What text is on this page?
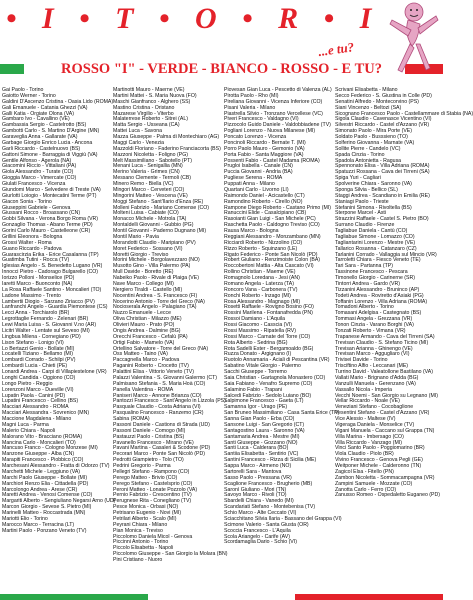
• I • T • O • R • I
...e tu?
ROSSO "I" - VERDE - BIANCO - ROSSO - E TU?
Gai Paolo - Torino
Gaiotto Werner - Torino
Galdini D'Ascenzo Cristina - Oasia Lido (ROMA)
Gali Emanuele - Catania Ghezzi (VA)
Galli Katia - Orgiate Olona (VA)
Gambaro Ivo - Cavallino (VE)
Gambassia Sergio - Castelrotto (BS)
Gambotti Carlo - S. Martino D'Argine (MN)
Garaveglia Anna - Gallarate (VA)
Garbage Giorgio Enrico Lucia - Ancona
Garli Riccardo - Castelnuovo (BS)
Gattoni Simone - Barraggia di Viggiù (VA)
Gentile Alfonso - Agerola (NA)
Giacomini Riccio - Vittaliani (PA)
Giola Alessandro - Turate (CO)
Gioggia Marco - Vimercate (CO)
Giulati Francesco - Vicenza
Giundomi Marco - Selvedere di Treste (VA)
Giurlotti Loiogio - Montecatini Terme (PT)
Giacon Sonia - Torino
Giuseppini Gabriele - Genova
Giussani Rocco - Broassano (CN)
Gobbi Silvana - Verona Borgo Roma (VR)
Gonzaglio Thomas - Abano Terme (PD)
Gorini Carlo Mauro - Castelleone (CR)
Grillini Eleonora - Bologna
Grossi Walter - Roma
Guano Riccardo - Padova
Guarascirzia Erika - Erice Casalanna (TP)
Guatimba Tutini - Rocca (TV)
Iglesias Angelo - S. Benedetto Lugano (VR)
Innocci Pietro - Cadorago Bulgarello (CO)
Iorizzo Polloni - Monselice (PD)
Iaretti Marco - Buonconto (NA)
La Rosa Raffaele Santino - Moncalieri (TO)
Ladone Massimo - Trento
Lambertii Diogio - Sarzano Ziriacco (PV)
Lanfranchi Angelo - Guardia Piemontese (CS)
Lecci Anna - Torchiarolo (BR)
Legrottaglie Fernando - Zelenari (BR)
Lewi Maria Luisa - S. Giovanni V.no (AR)
Licitri Walter - Lentate sul Seveso (MI)
Lingbua Milena - Cornegiano (PD)
Lison Stefano - Lonigo (VI)
Lo Bertazzi Genio - Bollate (MI)
Locatelli Tiziano - Bellamo (MI)
Lombardi Corrado - Schilpi (PV)
Lombardi Lucia - Chieti (PE)
Lonardi Andrea - Carpi di Villapiestelone (VR)
Longhi Candida - Oggiono (CO)
Longo Pietro - Reggio
Lorenzoni Marco - Dueville (VI)
Lupatin Paola - Canini (PD)
Lupatini Francesco - Cellino (BS)
Macciari Alessandro - ROMA
Macciari Alessandra - Sovrenico (MN)
Maccione Magdalena - Milano
Magni Luca - Parma
Malerio Chiara - Napoli
Malorano Vito - Bracciano (ROMA)
Mancina Carlo - Moncalieri (TO)
Mancuso Franco - Cologno Monzese (MI)
Manzone Giuseppe - Alba (CN)
Marapiti Francesco - Piobbico (CO)
Marchesani Alessandro - Fratta di Odorzo (TV)
Marchetti Michele - Leggiuno (VA)
Marchi Paolo Giuseppe - Bollate (MI)
Marchiori Renzo Elia - Cittadella (PD)
Marcolongo Andrea - Arese (CR)
Maretti Andrea - Venosi Comense (CO)
Margariti Alberto - Sengiuliano Negarsi Arno (UD)
Marcon Giorgio - Sevese S. Pietro (MI)
Marinelli Matteo - Roccastrada (MN)
Mariotti Elio - Torino
Marocco Marco - Terracina (LT)
Martini Paolo - Ponzano Veneto (TV)
Martinotti Mauro - Maerne (VE)
Martini Mattei - S. Maria Nuova (FO)
Maschi Gianfranco - Alghero (SS)
Mastino Cristina - Oristano
Mazarese Virgilio - Viterbo
Malaterrese Roberto - Sitrei (AL)
Matta Sergio - Usseana (CA)
Mattei Luca - Savona
Mazza Giuseppe - Palma di Montechiaro (AG)
Maggi Carlo - Venezia
Mazzoldi Floriano - Faderino Franciacorta (BS)
Mazzoni Nicoletta - Foligno (PG)
Melt Massimiliano - Sabotello (PT)
Menani Luca - Senigallia (MN)
Merino Valeria - Grimes (CN)
Messano Clemente - Termoli (CB)
Minero Remo - Biella (VC)
Mingori Marco - Cerveteri (CO)
Mingorini Matteo - Vescena (VE)
Moggi Stefano - Sant'Ilario d'Enza (RE)
Molleni Fabrizio - Mariano Comense (CO)
Molteni Luisa - Cabiate (CO)
Monacco Michele - Motrola (TA)
Montaldelli Giovanni - Gubbio (PG)
Montil Giovanni - Paderno Dugnano (MI)
Montil Mario - Pavia
Morandotti Claudio - Maripiano (PV)
Moret Federico - Sossano (VI)
Moretti Giorgio - Treviso
Morini Michele - Borgolavezzaro (NO)
Musotto Gino - Villa Palermo (PA)
Mull Davide - Boretto (RE)
Nabeiko Paolo - Rivale di Plaiga (VE)
Nave Marco - Collego (MI)
Nergiero Tiraldi - Castello (MI)
Nocentini Andrea - S. Francesco (FI)
Nocerino Antonio - Torre del Greco (NA)
Nocioserala Angelo - Palagiano (TA)
Nuzzo Emanuele - Lecce
Oliva Christian - Milazzo (ME)
Olivieri Mauro - Prato (PO)
Ongis Andrea - Dalmine (BG)
Orecchi Francesco - Cefalù (PA)
Ortigi Fabio - Mamelo (VA)
Ortellino Salvatore - Torre del Greco (NA)
Oss Matteo - Taino (VA)
Paccagnella Marco - Padova
Paganini Roberto - Crocetto (TV)
Palattini Elisa - Vittorio Veneto (TV)
Palazzi Valentina - S. Giovanni Galermo (CT)
Palmisano Stefania - S. Maria Hoà (CO)
Panella Valentina - ROMA
Paniseri Marco - Annone Brianza (CO)
Pantozzi Francesco - Sant'Angelo in Lizzola (PS)
Pasquale Claudio - Costa Adriana (VI)
Pasqualino Francesco - Ranzemo (CR)
Sabina (ROMA)
Passoni Daniele - Castions di Strada (UD)
Passoni Daniele - Comogo (MI)
Pastauzzi Paolo - Cristina (BS)
Pavanello Francesco - Mirano (VE)
Pavani Martina - Casaleri & Scodone (PD)
Pecorari Marco - Ponte San Nicolò (PD)
Pedrotti Giampietro - Tolo (TO)
Pedrini Gregorio - Parma
Pellegri Stefano - Rampono (CO)
Perego Matteo - Brivio (CO)
Perego Stefano - Castelsprio (CO)
Peroni Matteo - Lonate Pozzolo (VA)
Pernio Fabrizio - Crescentino (TV)
Perugnese Rita - Conegliano (TV)
Pesce Monica - Orbasi (NO)
Petrisano Eugenio - Novi (MI)
Petrilari Alberto - Scalo (MI)
Peyrani Chiara - Milano
Pian Monica - Treviso
Piccolomo Daniela Micol - Genova
Piccinni Antonio - Torino
Piccolo Elisabetta - Napoli
Piccolomo Giuseppe - San Giorgio la Molara (BN)
Pini Cristiano - Nuoro
Piovesan Gian Luca - Pescetto di Valenza (AL)
Pirotta Paolo - Rho (MI)
Pireliana Giovanni - Vicenza Inferiore (CO)
Pisani Valeria - Milano
Piastrella Silvio - Tronzano Vercellese (VC)
Piveri Francesco - Valdagno (VI)
Pizzocolo Guido Daniele - Valdobbiadene (TV)
Pogliani Lorenzo - Nuova Milanese (MI)
Poncato Lorenzo - Vicenza
Poncinoli Riccardo - Bernate T. (MI)
Porro Paolo Mauro - Gemonio (VA)
Porta Fabio - Santa Maggiore (VA)
Possenti Fabio - Castel Madama (ROMA)
Prugloi Isabella - Canale (CN)
Puccia Giovanni - Andria (BA)
Pugliese Serena - ROMA
Puppati Anna - Milano
Quartani Carlo - Livorno (LI)
Raimondo Daniel - Acicastello (CT)
Ramondino Roberto - Cirello (NO)
Rampone Diego Roberto - Castano Primo (MI)
Ranuccini Elide - Casalcipiano (CB)
Rasoianti Gian Luigi - San Michele (PC)
Raschetta Paolo - Caldogno Treviso (CO)
Rausa Marco - Bologna
Reggiani Alessandro - Monzambano (MN)
Ricciardi Roberto - Nizzolino (CO)
Rizzo Roberto - Squinzano (LE)
Rigato Federico - Ponte San Nicolò (PD)
Robert Giuliano - Renzimoiste Colon (BA)
Roccobertoni Mattia - Alta Cascato (VI)
Rollino Christian - Maeme (VE)
Romagnolo Loredana - Jesi (AN)
Romano Angela - Laterza (TA)
Roncoro Vana - Carbonera (TV)
Ronchi Roberto - Inzago (MI)
Rosa Alessandro - Magnago (MI)
Rosetti Raffaele - Rovigno Bosino (FO)
Rossini Marilena - Fontanafredda (PN)
Rossoi Damiano - L'Aquila
Rossi Giacomo - Casscia (VI)
Rossi Massimo - Ripatella (RV)
Rossi Marco - Carnate del Torre (CO)
Rota Alberto - Sedrina (BG)
Rota Sadelli Ester - Bergamoaldo (BG)
Ruzza Donato - Argignano (I)
Ruotolo Annamaria - Aciali di Pescantina (VR)
Sabatino Vitale Giorgio - Palermo
Sacchi Giuseppe - Torremo
Saia Christian - Gartagnola Monastero (CO)
Saia Fabiano - Venafro Supremo (CO)
Salamino Fabio - Trapani
Salcedi Fabrizio - Sedolo Luiano (BO)
Salpimone Francesco - Gaeta (LT)
Samanna Igor - Urago (PE)
San Bruneo Massimiliano - Casa Santa Erice (TP)
Sanna Gian Paolo - Erba (CO)
Sansone Luigi - San Gregorio (CT)
Santagostino Laura - Saronno (VA)
Santamaria Andrea - Mestre (MI)
Santi Giuseppe - Gozzano (NO)
Santi Luca - Calderara (BO)
Santiia Elisabetta - Sentirio (VC)
Santini Francesco - Rizza di Sicilia (ME)
Sappa Marco - Airmeno (NO)
Sartorelli Sara - Mantova
Sasso Paolo - Pressana (VR)
Scaglione Francesco - Brugherio (MB)
Saronì Giuliano - Mori (TN)
Savoyo Marco - Rivoli (TO)
Sbardelli Chiara - Vanedo (MI)
Scandariati Stefano - Montebenisa (TV)
Schio Marco - Alte Ceccato (VI)
Sciacchitano Silvia Ilaria - Bassano del Grappa (VI)
Scimone Valerio - Santa Giusta (OR)
Scoccia Francesco - L'Aquila
Scola Ariangelo - Carife (AV)
Scordamaglia Dario - Schio (VI)
Scrivani Elisabetta - Milano
Secco Federico - S. Giustina in Colle (PD)
Senatini Alfredo - Montecorvino (PS)
Siani Vincenzo - Beltozi (SA)
Sicognano Francesco Paolo - Castellammare di Stabia (NA)
Sigola Claudio - Cavenasce Vicentino (VI)
Silvestri Riccardo - Castel d'Azzano (VR)
Simonato Paolo - Mira Porte (VE)
Soldato Paolo - Busssieno (TO)
Solferino Giovanna - Marnate (VA)
Sollite Pierre - Candelo (VC)
Spada Cinzia - Torino
Spadola Antonietta - Ragusa
Spennonato Elisa - Villa Adriana (ROMA)
Spatuzzi Rossana - Cava dei Tirreni (SA)
Spiga Yuri - Cagliari
Spolverine Chiara - Saronno (VA)
Sponga Silvia - Bellico (SL)
Staggi Andrea - Scandiano in Emilia (RE)
Staniagi Paolo - Trieste
Stefanini Simona - Rivoltella (BS)
Sterpone Marcel - Asti
Strazzini Raffaele - Castel S. Pietro (BO)
Surrano Claudio - Firenze
Tagliabue Daniela - Cantù (CO)
Tagliabue Simone - Lomazzo (CO)
Tagliantarini Lorenzo - Mestre (VE)
Tallarico Rosanna - Catanzaro (CZ)
Tarlanini Corrado - Vallaggia sul Mincio (VR)
Tarroletti Chiara - Fiesco Veneto (TE)
Tari Sara - Partanna (TP)
Tassinone Francesco - Pescara
Timonello Giorgio - Carinerne (SR)
Tintorri Andrea - Gardo (VR)
Tizzanini Alessandro - Bruninco (AP)
Todeti Andrea - Roviretto d'Asiaki (PG)
Toffanin Lorenzo - Villa Adriana (ROMA)
Tomadoni Alberto - Torino
Tomasani Adelgisa - Castegnato (BS)
Tommasi Angela - Grezzana (VR)
Tonon Cinzia - Varano Borghi (VA)
Tonzati Roberto - Vimana (VR)
Trapanese Armando - Cava del Tirreni (SA)
Trevisan Claudio - S. Stefano Ticino (MI)
Trevisan Arianna - Ghinengo (VE)
Trevisan Marco - Aggugliaro (VI)
Trivisei Davide - Torino
Trisciftino Alfio - Leccanari (ME)
Turrino David - Valeatollone Bastilano (VA)
Vallati Mario - Brignano d'Adda (BG)
Vanzulli Manuela - Gerenzano (VA)
Vassallo Nicola - Imperia
Vecchi Noemi - San Giorgio su Legnano (MI)
Vellar Riccardo - Noale (VE)
Veneziani Stefano - Cocobaglione
Vesentini Stefano - Castel d'Azzano (VR)
Vice Alessio - Maltese (IV)
Vigeraga Daniela - Monselice (TV)
Vigani Manuela - Caccano sul Grappa (TN)
Villa Marina - Imbersago (CO)
Villa Riccardo - Vanzago (MI)
Vinci Santo Paolo - Poggiomarino (BR)
Viola Claudio - Piolo (BR)
Vivino Francesco - Genova Pegli (GE)
Weitponer Michele - Calderonno (TN)
Zagicol Elsa - Fitello (PN)
Zambon Nicoletta - Sommacampagna (VR)
Zampini Samuele - Mozzate (CO)
Zanotta Carlo - Ferro (CO)
Zanusso Romeo - Ospedaletto Euganeo (PD)
